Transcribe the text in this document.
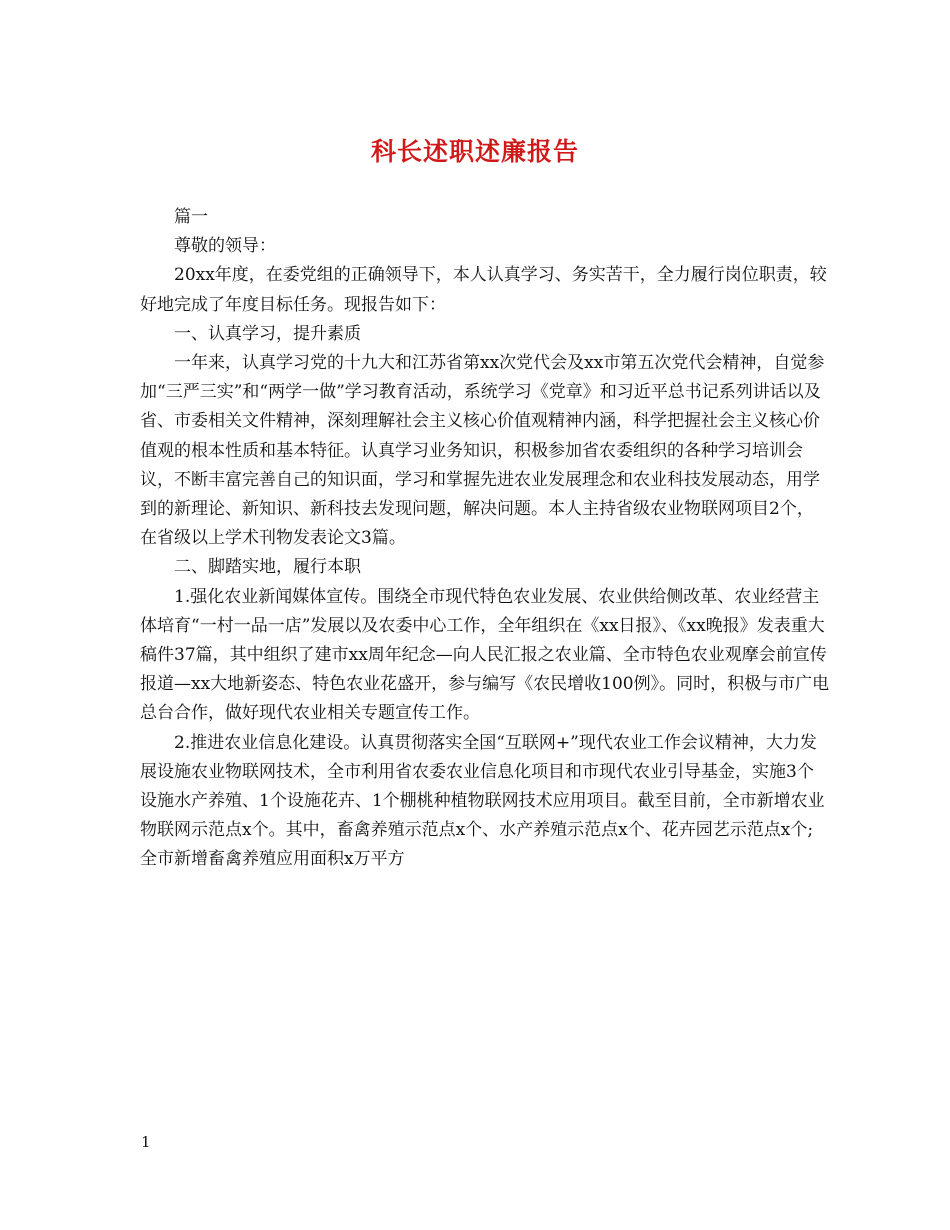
科长述职述廉报告

篇一

尊敬的领导：

20xx年度，在委党组的正确领导下，本人认真学习、务实苦干，全力履行岗位职责，较好地完成了年度目标任务。现报告如下：

一、认真学习，提升素质

一年来，认真学习党的十九大和江苏省第xx次党代会及xx市第五次党代会精神，自觉参加“三严三实”和“两学一做”学习教育活动，系统学习《党章》和习近平总书记系列讲话以及省、市委相关文件精神，深刻理解社会主义核心价值观精神内涵，科学把握社会主义核心价值观的根本性质和基本特征。认真学习业务知识，积极参加省农委组织的各种学习培训会议，不断丰富完善自己的知识面，学习和掌握先进农业发展理念和农业科技发展动态，用学到的新理论、新知识、新科技去发现问题，解决问题。本人主持省级农业物联网项目2个，在省级以上学术刊物发表论文3篇。

二、脚踏实地，履行本职

1.强化农业新闻媒体宣传。围绕全市现代特色农业发展、农业供给侧改革、农业经营主体培育“一村一品一店”发展以及农委中心工作，全年组织在《xx日报》、《xx晚报》发表重大稿件37篇，其中组织了建市xx周年纪念—向人民汇报之农业篇、全市特色农业观摩会前宣传报道—xx大地新姿态、特色农业花盛开，参与编写《农民增收100例》。同时，积极与市广电总台合作，做好现代农业相关专题宣传工作。

2.推进农业信息化建设。认真贯彻落实全国“互联网+”现代农业工作会议精神，大力发展设施农业物联网技术，全市利用省农委农业信息化项目和市现代农业引导基金，实施3个设施水产养殖、1个设施花卉、1个棚桃种植物联网技术应用项目。截至目前，全市新增农业物联网示范点x个。其中，畜禽养殖示范点x个、水产养殖示范点x个、花卉园艺示范点x个;全市新增畜禽养殖应用面积x万平方

1
